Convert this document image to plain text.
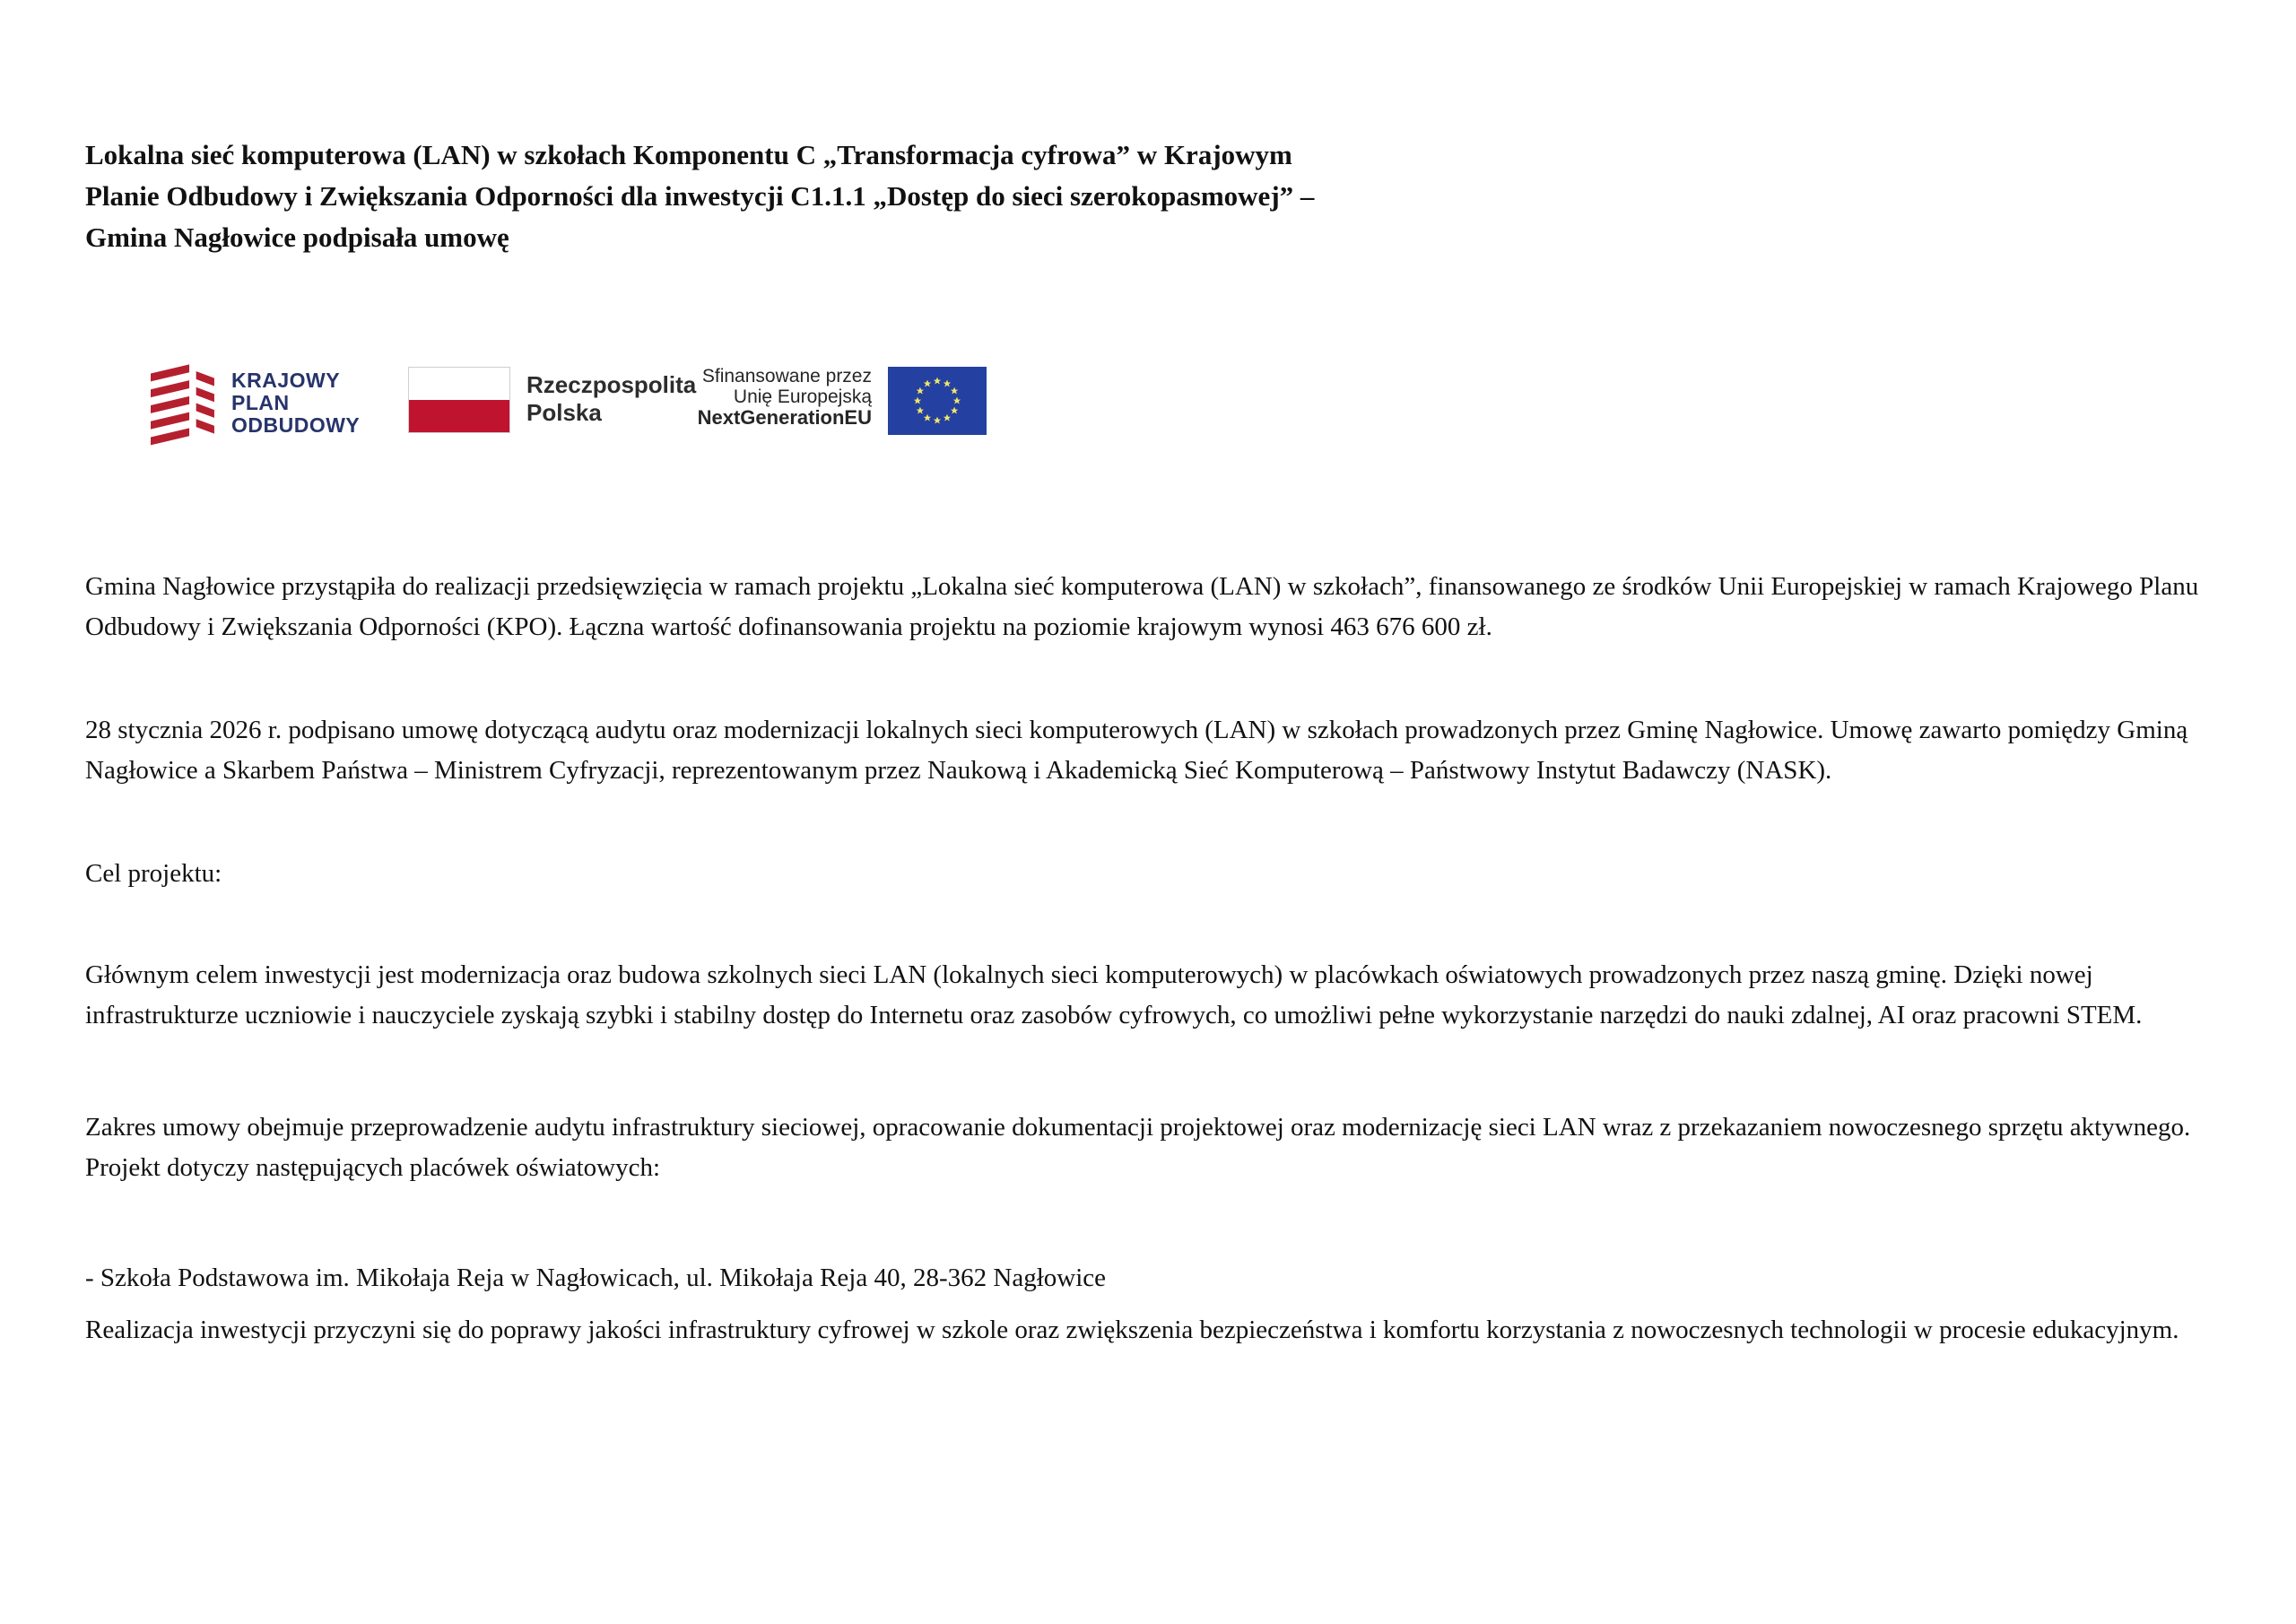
Lokalna sieć komputerowa (LAN) w szkołach Komponentu C „Transformacja cyfrowa” w Krajowym Planie Odbudowy i Zwiększania Odporności dla inwestycji C1.1.1 „Dostęp do sieci szerokopasmowej” – Gmina Nagłowice podpisała umowę
KRAJOWY
PLAN
ODBUDOWY
Rzeczpospolita
Polska
Sfinansowane przez
Unię Europejską
NextGenerationEU

Gmina Nagłowice przystąpiła do realizacji przedsięwzięcia w ramach projektu „Lokalna sieć komputerowa (LAN) w szkołach”, finansowanego ze środków Unii Europejskiej w ramach Krajowego Planu Odbudowy i Zwiększania Odporności (KPO). Łączna wartość dofinansowania projektu na poziomie krajowym wynosi 463 676 600 zł.

28 stycznia 2026 r. podpisano umowę dotyczącą audytu oraz modernizacji lokalnych sieci komputerowych (LAN) w szkołach prowadzonych przez Gminę Nagłowice. Umowę zawarto pomiędzy Gminą Nagłowice a Skarbem Państwa – Ministrem Cyfryzacji, reprezentowanym przez Naukową i Akademicką Sieć Komputerową – Państwowy Instytut Badawczy (NASK).

Cel projektu:

Głównym celem inwestycji jest modernizacja oraz budowa szkolnych sieci LAN (lokalnych sieci komputerowych) w placówkach oświatowych prowadzonych przez naszą gminę. Dzięki nowej infrastrukturze uczniowie i nauczyciele zyskają szybki i stabilny dostęp do Internetu oraz zasobów cyfrowych, co umożliwi pełne wykorzystanie narzędzi do nauki zdalnej, AI oraz pracowni STEM.

Zakres umowy obejmuje przeprowadzenie audytu infrastruktury sieciowej, opracowanie dokumentacji projektowej oraz modernizację sieci LAN wraz z przekazaniem nowoczesnego sprzętu aktywnego. Projekt dotyczy następujących placówek oświatowych:

- Szkoła Podstawowa im. Mikołaja Reja w Nagłowicach, ul. Mikołaja Reja 40, 28-362 Nagłowice

Realizacja inwestycji przyczyni się do poprawy jakości infrastruktury cyfrowej w szkole oraz zwiększenia bezpieczeństwa i komfortu korzystania z nowoczesnych technologii w procesie edukacyjnym.
